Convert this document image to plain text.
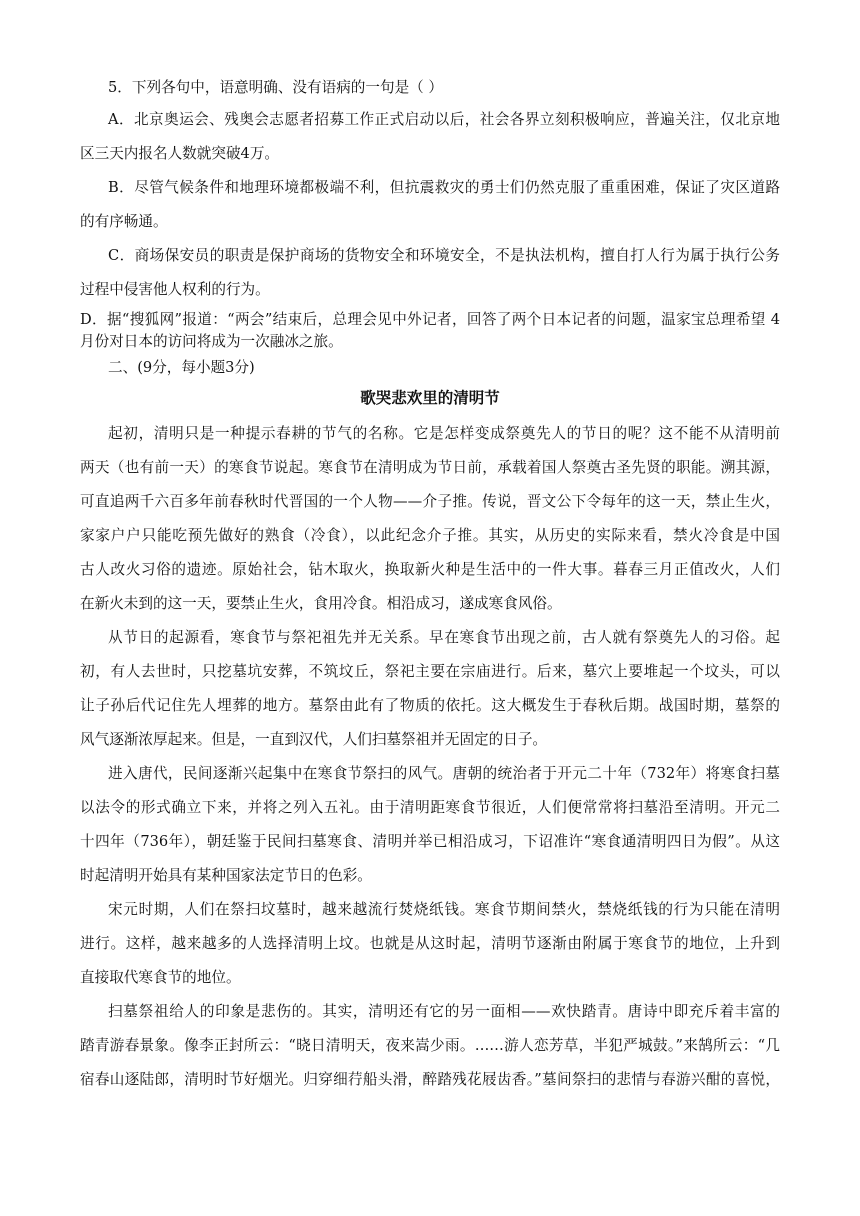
5．下列各句中，语意明确、没有语病的一句是（ ）
A．北京奥运会、残奥会志愿者招募工作正式启动以后，社会各界立刻积极响应，普遍关注，仅北京地
区三天内报名人数就突破4万。
B．尽管气候条件和地理环境都极端不利，但抗震救灾的勇士们仍然克服了重重困难，保证了灾区道路
的有序畅通。
C．商场保安员的职责是保护商场的货物安全和环境安全，不是执法机构，擅自打人行为属于执行公务
过程中侵害他人权利的行为。
D．据“搜狐网”报道：“两会”结束后，总理会见中外记者，回答了两个日本记者的问题，温家宝总理希望 4
月份对日本的访问将成为一次融冰之旅。
二、(9分，每小题3分)
歌哭悲欢里的清明节
起初，清明只是一种提示春耕的节气的名称。它是怎样变成祭奠先人的节日的呢？这不能不从清明前
两天（也有前一天）的寒食节说起。寒食节在清明成为节日前，承载着国人祭奠古圣先贤的职能。溯其源，
可直追两千六百多年前春秋时代晋国的一个人物——介子推。传说，晋文公下令每年的这一天，禁止生火，
家家户户只能吃预先做好的熟食（冷食），以此纪念介子推。其实，从历史的实际来看，禁火冷食是中国
古人改火习俗的遗迹。原始社会，钻木取火，换取新火种是生活中的一件大事。暮春三月正值改火，人们
在新火未到的这一天，要禁止生火，食用冷食。相沿成习，遂成寒食风俗。
从节日的起源看，寒食节与祭祀祖先并无关系。早在寒食节出现之前，古人就有祭奠先人的习俗。起
初，有人去世时，只挖墓坑安葬，不筑坟丘，祭祀主要在宗庙进行。后来，墓穴上要堆起一个坟头，可以
让子孙后代记住先人埋葬的地方。墓祭由此有了物质的依托。这大概发生于春秋后期。战国时期，墓祭的
风气逐渐浓厚起来。但是，一直到汉代，人们扫墓祭祖并无固定的日子。
进入唐代，民间逐渐兴起集中在寒食节祭扫的风气。唐朝的统治者于开元二十年（732年）将寒食扫墓
以法令的形式确立下来，并将之列入五礼。由于清明距寒食节很近，人们便常常将扫墓沿至清明。开元二
十四年（736年），朝廷鉴于民间扫墓寒食、清明并举已相沿成习，下诏准许“寒食通清明四日为假”。从这
时起清明开始具有某种国家法定节日的色彩。
宋元时期，人们在祭扫坟墓时，越来越流行焚烧纸钱。寒食节期间禁火，禁烧纸钱的行为只能在清明
进行。这样，越来越多的人选择清明上坟。也就是从这时起，清明节逐渐由附属于寒食节的地位，上升到
直接取代寒食节的地位。
扫墓祭祖给人的印象是悲伤的。其实，清明还有它的另一面相——欢快踏青。唐诗中即充斥着丰富的
踏青游春景象。像李正封所云：“晓日清明天，夜来嵩少雨。……游人恋芳草，半犯严城鼓。”来鹄所云：“几
宿春山逐陆郎，清明时节好烟光。归穿细荇船头滑，醉踏残花屐齿香。”墓间祭扫的悲情与春游兴酣的喜悦，
